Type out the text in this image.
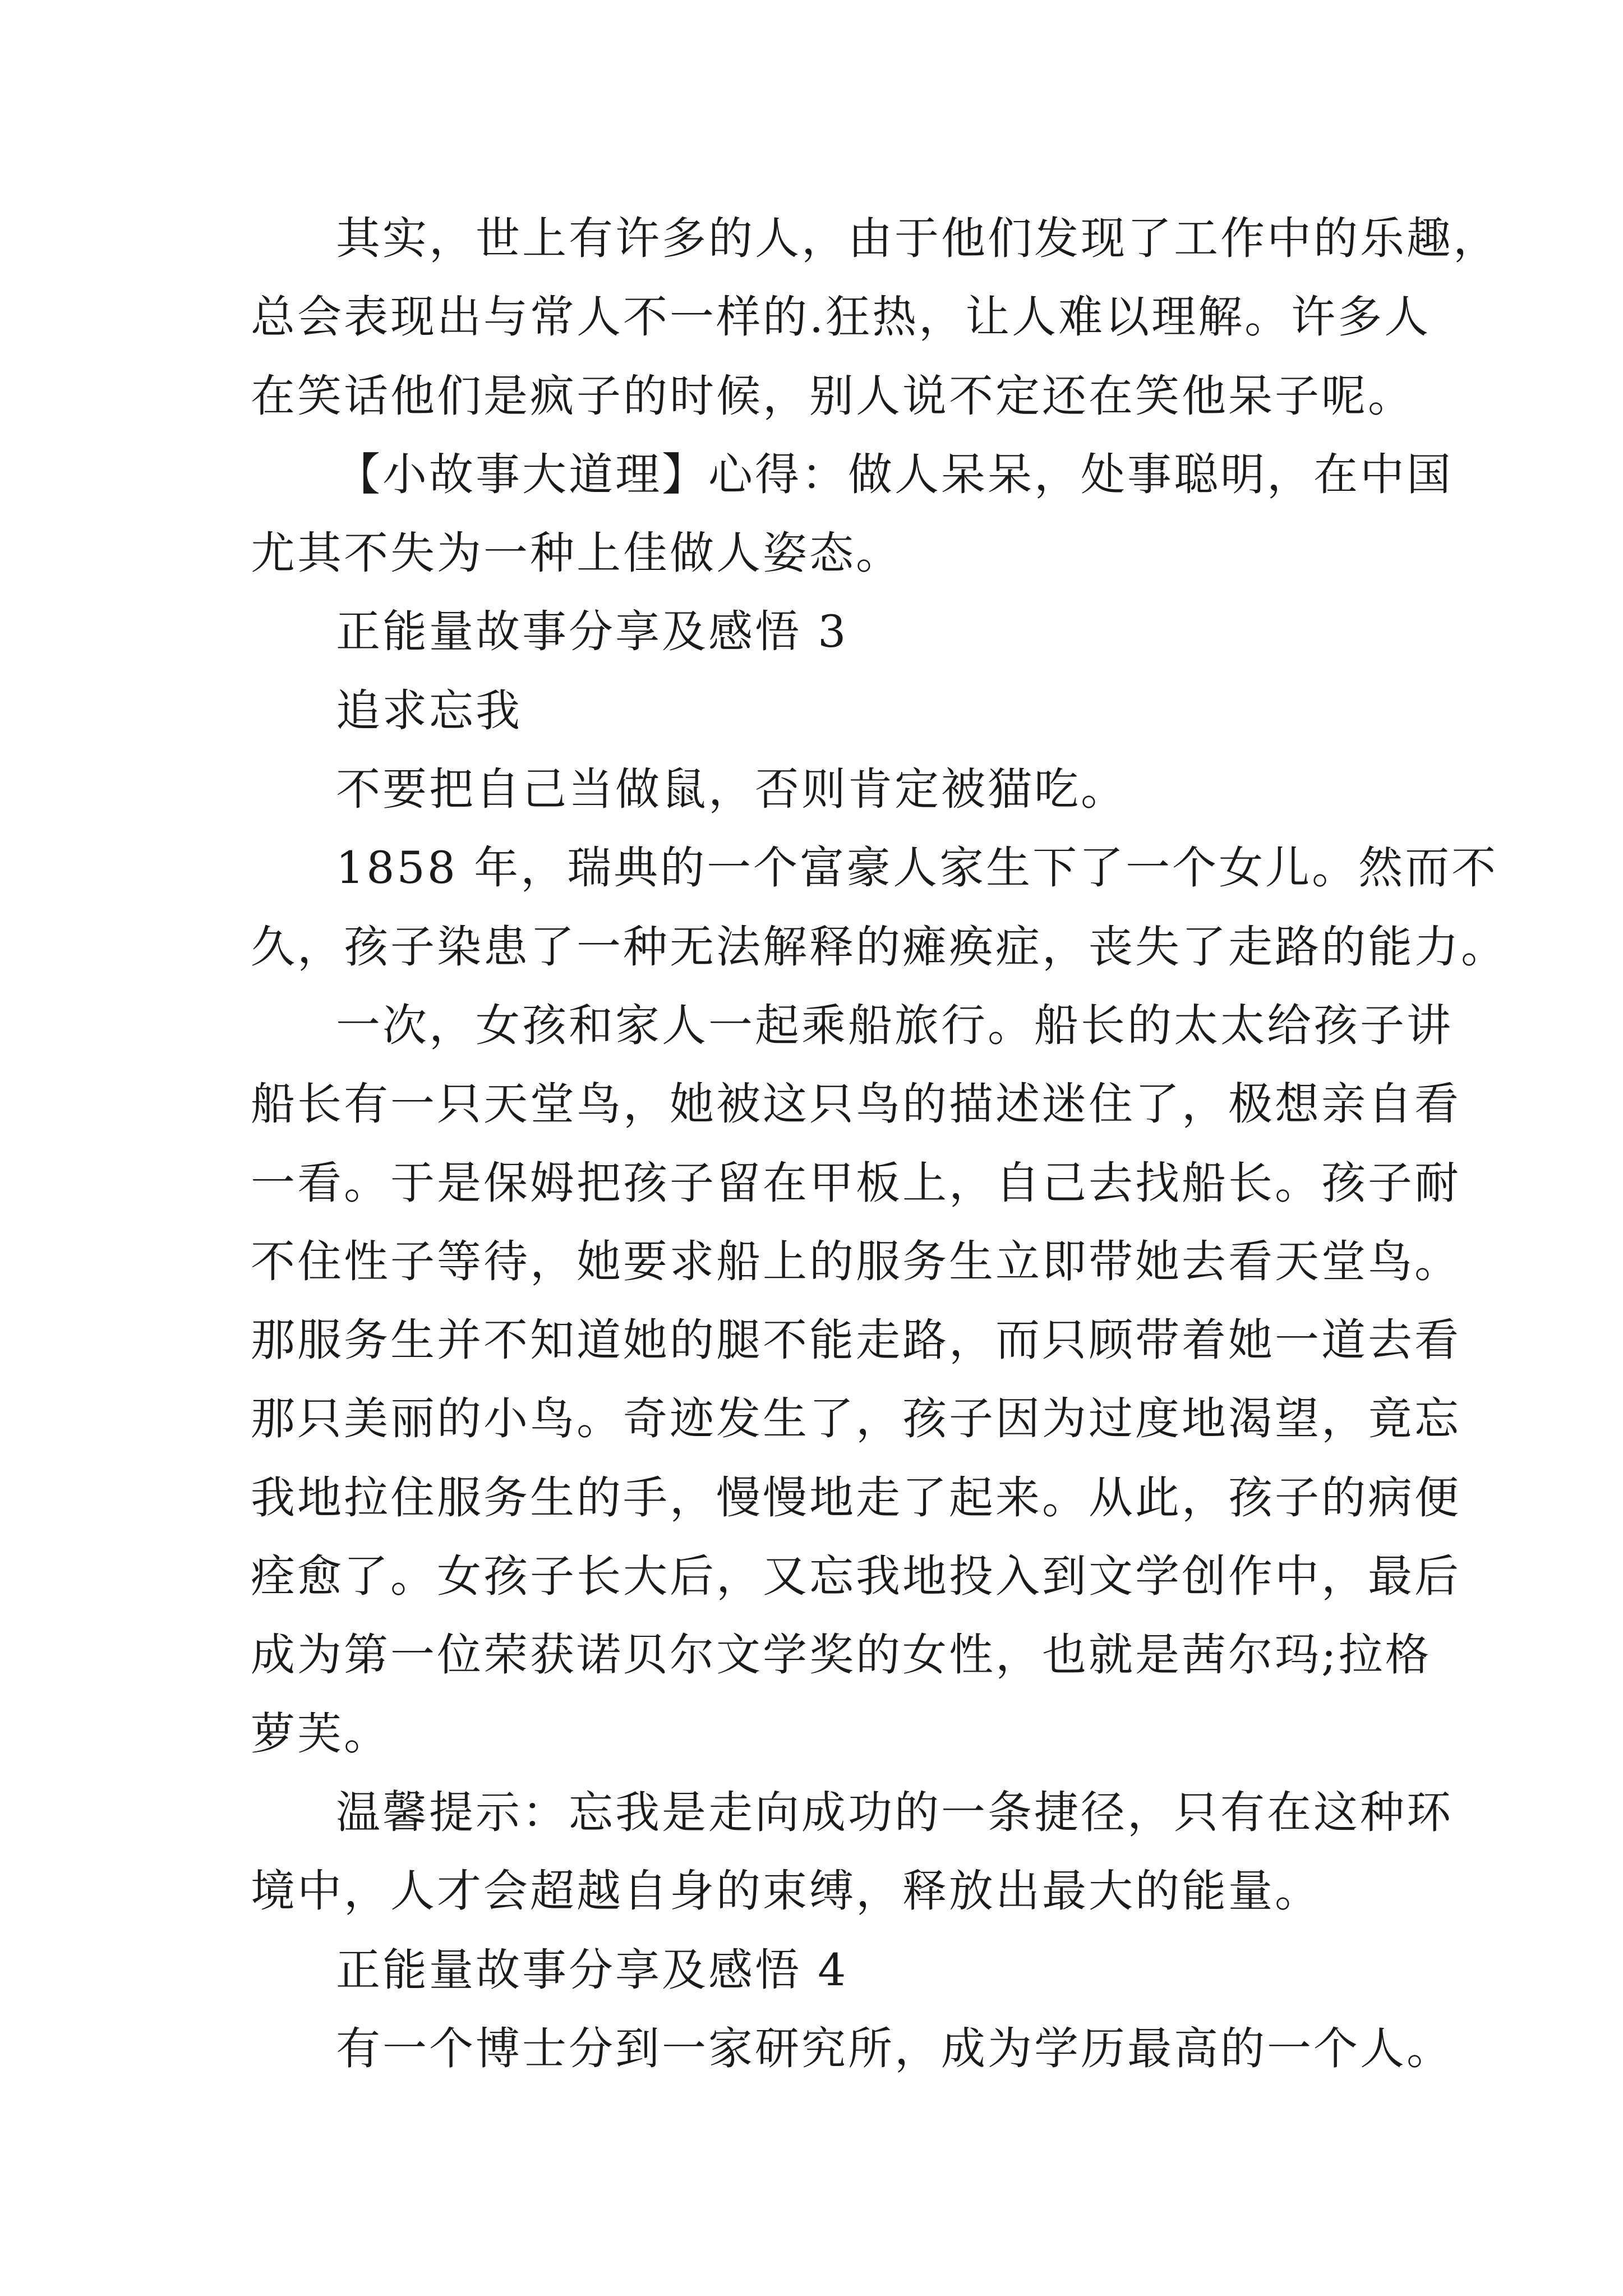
其实，世上有许多的人，由于他们发现了工作中的乐趣，
总会表现出与常人不一样的.狂热，让人难以理解。许多人
在笑话他们是疯子的时候，别人说不定还在笑他呆子呢。
【小故事大道理】心得：做人呆呆，处事聪明，在中国
尤其不失为一种上佳做人姿态。
正能量故事分享及感悟 3
追求忘我
不要把自己当做鼠，否则肯定被猫吃。
1858 年，瑞典的一个富豪人家生下了一个女儿。然而不
久，孩子染患了一种无法解释的瘫痪症，丧失了走路的能力。
一次，女孩和家人一起乘船旅行。船长的太太给孩子讲
船长有一只天堂鸟，她被这只鸟的描述迷住了，极想亲自看
一看。于是保姆把孩子留在甲板上，自己去找船长。孩子耐
不住性子等待，她要求船上的服务生立即带她去看天堂鸟。
那服务生并不知道她的腿不能走路，而只顾带着她一道去看
那只美丽的小鸟。奇迹发生了，孩子因为过度地渴望，竟忘
我地拉住服务生的手，慢慢地走了起来。从此，孩子的病便
痊愈了。女孩子长大后，又忘我地投入到文学创作中，最后
成为第一位荣获诺贝尔文学奖的女性，也就是茜尔玛;拉格
萝芙。
温馨提示：忘我是走向成功的一条捷径，只有在这种环
境中，人才会超越自身的束缚，释放出最大的能量。
正能量故事分享及感悟 4
有一个博士分到一家研究所，成为学历最高的一个人。
